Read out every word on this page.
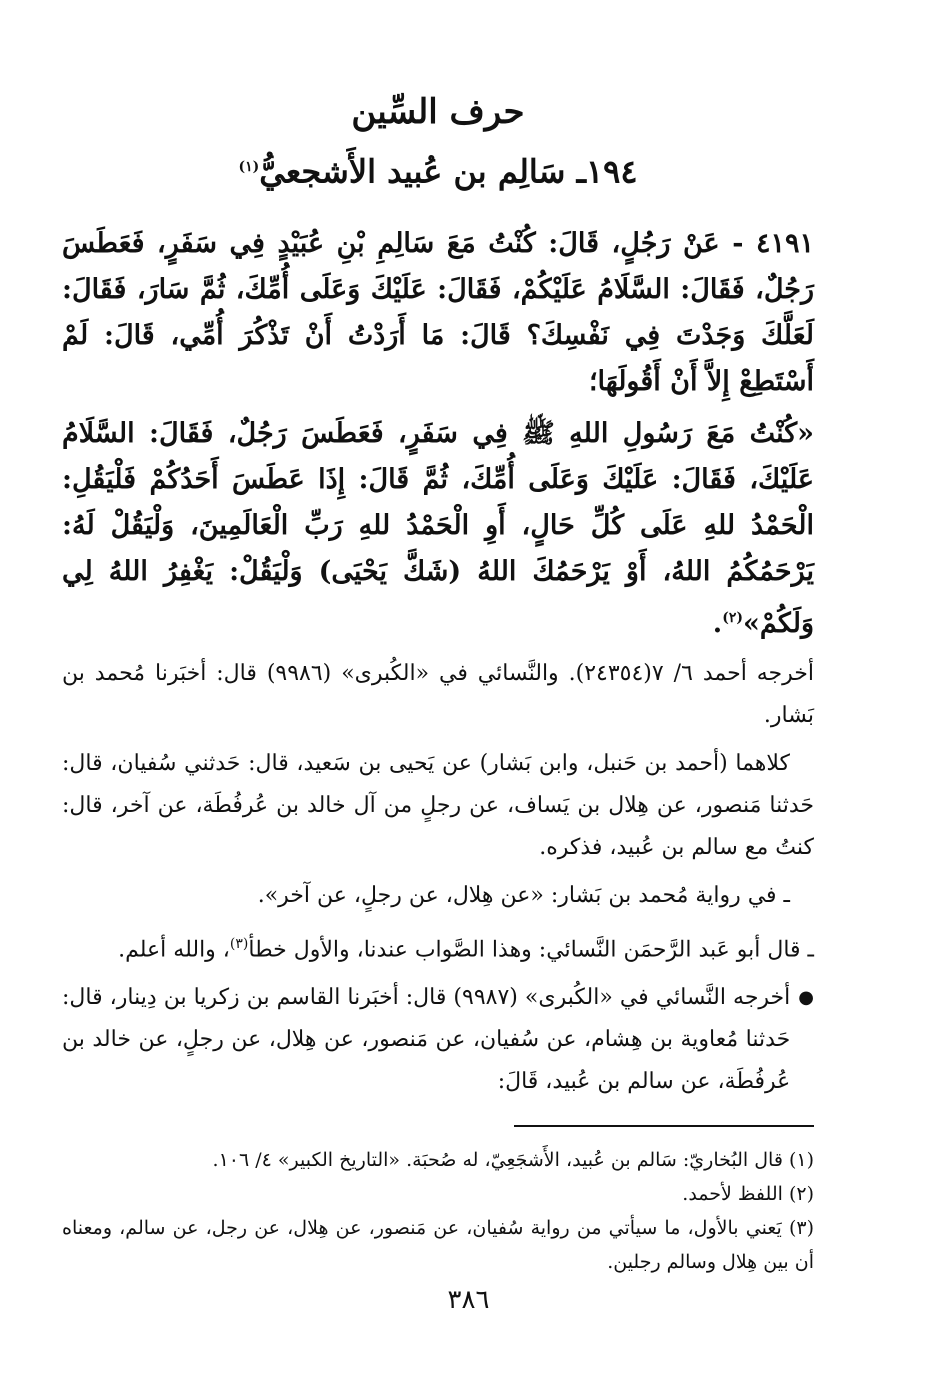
حرف السِّين
١٩٤ـ سَالِم بن عُبيد الأَشجعيُّ$^{(١)}$

٤١٩١ - عَنْ رَجُلٍ، قَالَ: كُنْتُ مَعَ سَالِمِ بْنِ عُبَيْدٍ فِي سَفَرٍ، فَعَطَسَ رَجُلٌ، فَقَالَ: السَّلَامُ عَلَيْكُمْ، فَقَالَ: عَلَيْكَ وَعَلَى أُمِّكَ، ثُمَّ سَارَ، فَقَالَ: لَعَلَّكَ وَجَدْتَ فِي نَفْسِكَ؟ قَالَ: مَا أَرَدْتُ أَنْ تَذْكُرَ أُمِّي، قَالَ: لَمْ أَسْتَطِعْ إِلاَّ أَنْ أَقُولَهَا؛

«كُنْتُ مَعَ رَسُولِ اللهِ ﷺ فِي سَفَرٍ، فَعَطَسَ رَجُلٌ، فَقَالَ: السَّلَامُ عَلَيْكَ، فَقَالَ: عَلَيْكَ وَعَلَى أُمِّكَ، ثُمَّ قَالَ: إِذَا عَطَسَ أَحَدُكُمْ فَلْيَقُلِ: الْحَمْدُ للهِ عَلَى كُلِّ حَالٍ، أَوِ الْحَمْدُ للهِ رَبِّ الْعَالَمِينَ، وَلْيَقُلْ لَهُ: يَرْحَمُكُمُ اللهُ، أَوْ يَرْحَمُكَ اللهُ (شَكَّ يَحْيَى) وَلْيَقُلْ: يَغْفِرُ اللهُ لِي وَلَكُمْ»$^{(٢)}$.

أخرجه أحمد ٦/ ٧(٢٤٣٥٤). والنَّسائي في «الكُبرى» (٩٩٨٦) قال: أخبَرنا مُحمد بن بَشار.

كلاهما (أحمد بن حَنبل، وابن بَشار) عن يَحيى بن سَعيد، قال: حَدثني سُفيان، قال: حَدثنا مَنصور، عن هِلال بن يَساف، عن رجلٍ من آل خالد بن عُرفُطَة، عن آخر، قال: كنتُ مع سالم بن عُبيد، فذكره.

ـ في رواية مُحمد بن بَشار: «عن هِلال، عن رجلٍ، عن آخر».

ـ قال أبو عَبد الرَّحمَن النَّسائي: وهذا الصَّواب عندنا، والأول خطأ$^{(٣)}$، والله أعلم.

●

أخرجه النَّسائي في «الكُبرى» (٩٩٨٧) قال: أخبَرنا القاسم بن زكريا بن دِينار، قال: حَدثنا مُعاوية بن هِشام، عن سُفيان، عن مَنصور، عن هِلال، عن رجلٍ، عن خالد بن عُرفُطَة، عن سالم بن عُبيد، قَالَ:

(١) قال البُخاريّ: سَالم بن عُبيد، الأَشجَعِيّ، له صُحبَة. «التاريخ الكبير» ٤/ ١٠٦.

(٢) اللفظ لأحمد.

(٣) يَعني بالأول، ما سيأتي من رواية سُفيان، عن مَنصور، عن هِلال، عن رجل، عن سالم، ومعناه أن بين هِلال وسالم رجلين.

٣٨٦
